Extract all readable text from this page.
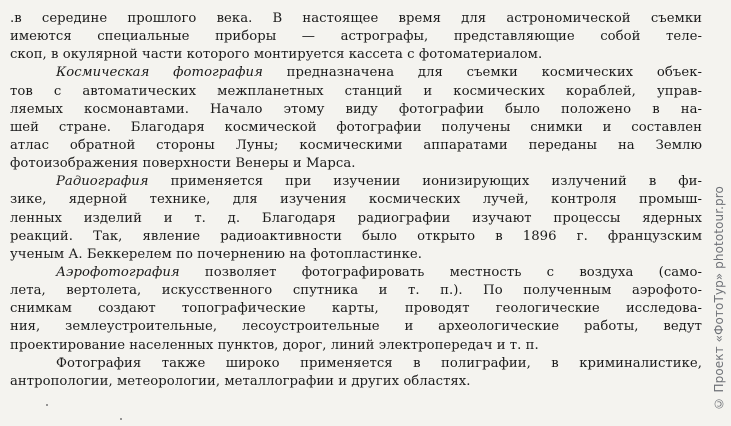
.в середине прошлого века. В настоящее время для астрономической съемки
имеются специальные приборы — астрографы, представляющие собой теле-
скоп, в окулярной части которого монтируется кассета с фотоматериалом.
Космическая фотография предназначена для съемки космических объек-
тов с автоматических межпланетных станций и космических кораблей, управ-
ляемых космонавтами. Начало этому виду фотографии было положено в на-
шей стране. Благодаря космической фотографии получены снимки и составлен
атлас обратной стороны Луны; космическими аппаратами переданы на Землю
фотоизображения поверхности Венеры и Марса.
Радиография применяется при изучении ионизирующих излучений в фи-
зике, ядерной технике, для изучения космических лучей, контроля промыш-
ленных изделий и т. д. Благодаря радиографии изучают процессы ядерных
реакций. Так, явление радиоактивности было открыто в 1896 г. французским
ученым А. Беккерелем по почернению на фотопластинке.
Аэрофотография позволяет фотографировать местность с воздуха (само-
лета, вертолета, искусственного спутника и т. п.). По полученным аэрофото-
снимкам создают топографические карты, проводят геологические исследова-
ния, землеустроительные, лесоустроительные и археологические работы, ведут
проектирование населенных пунктов, дорог, линий электропередач и т. п.
Фотография также широко применяется в полиграфии, в криминалистике,
антропологии, метеорологии, металлографии и других областях.	© Проект «ФотоТур» phototour.pro
